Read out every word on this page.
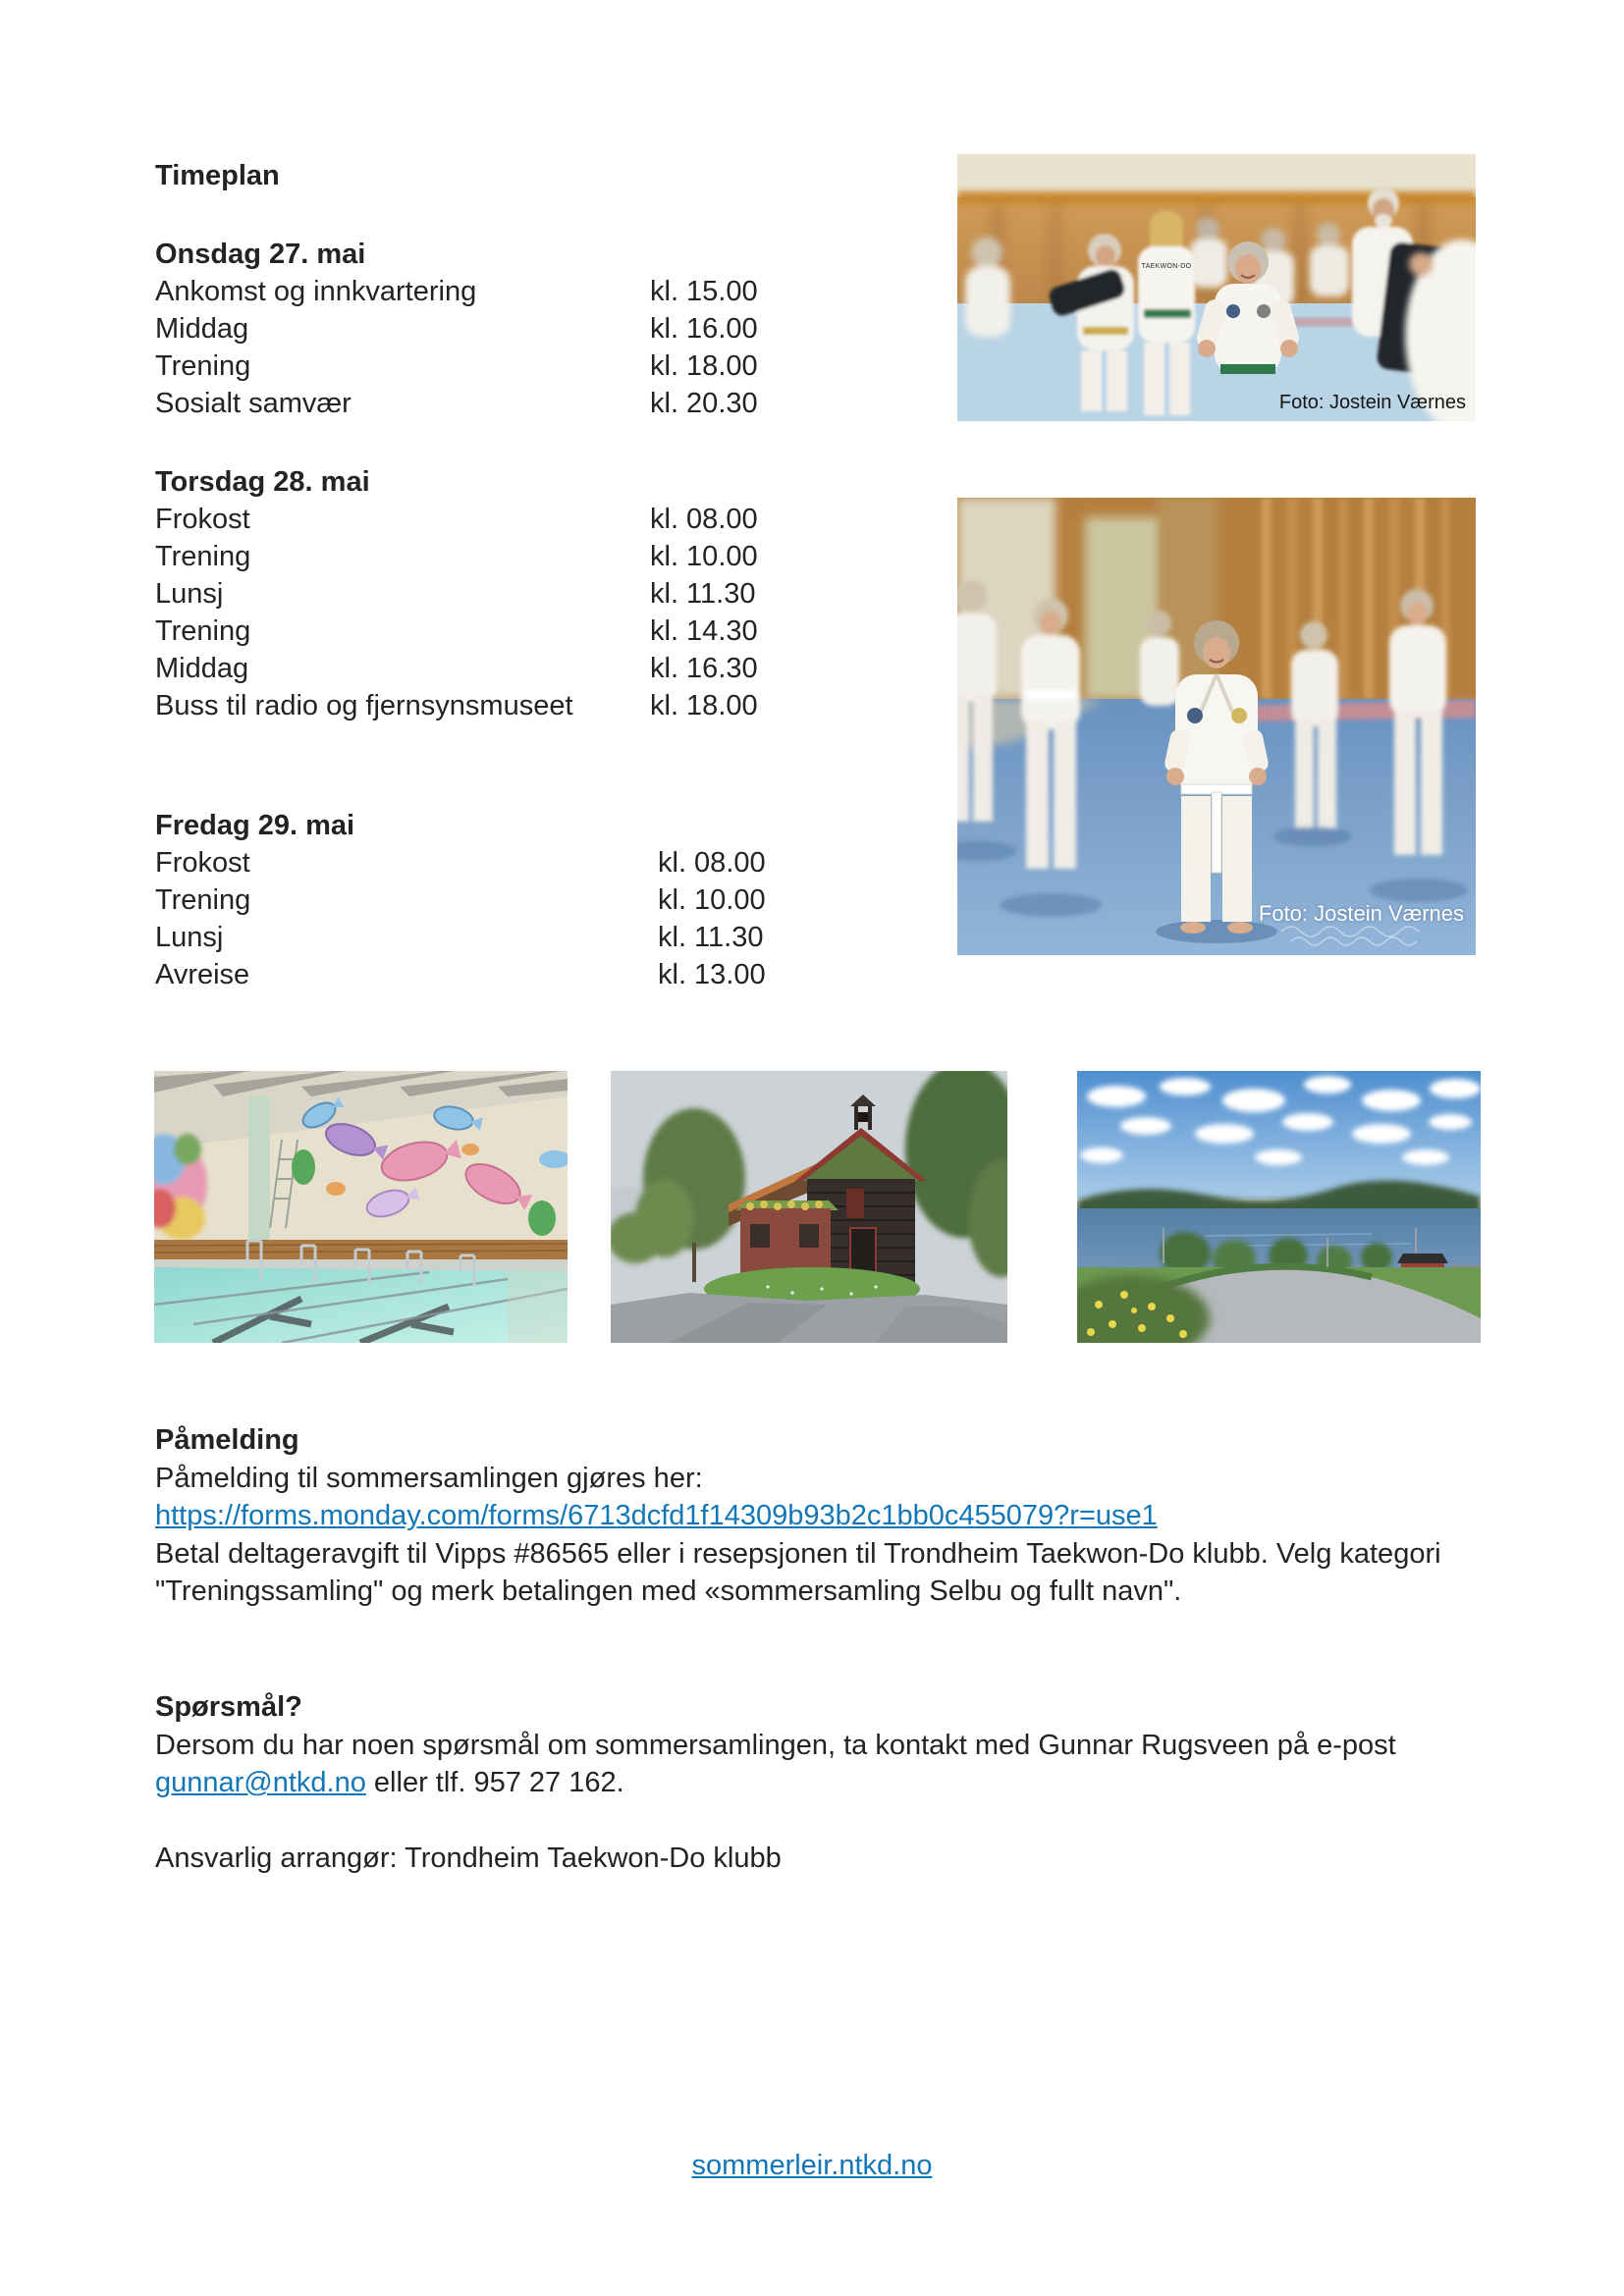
Timeplan
Onsdag 27. mai
Ankomst og innkvartering	kl. 15.00
Middag	kl. 16.00
Trening	kl. 18.00
Sosialt samvær	kl. 20.30
Torsdag 28. mai
Frokost	kl. 08.00
Trening	kl. 10.00
Lunsj	kl. 11.30
Trening	kl. 14.30
Middag	kl. 16.30
Buss til radio og fjernsynsmuseet	kl. 18.00
Fredag 29. mai
Frokost	kl. 08.00
Trening	kl. 10.00
Lunsj	kl. 11.30
Avreise	kl. 13.00
TAEKWON-DO
Foto: Jostein Værnes
Foto: Jostein Værnes
Påmelding
Påmelding til sommersamlingen gjøres her:
https://forms.monday.com/forms/6713dcfd1f14309b93b2c1bb0c455079?r=use1

Betal deltageravgift til Vipps #86565 eller i resepsjonen til Trondheim Taekwon-Do klubb. Velg kategori "Treningssamling" og merk betalingen med «sommersamling Selbu og fullt navn".

Spørsmål?

Dersom du har noen spørsmål om sommersamlingen, ta kontakt med Gunnar Rugsveen på e-post gunnar@ntkd.no eller tlf. 957 27 162.

Ansvarlig arrangør: Trondheim Taekwon-Do klubb
sommerleir.ntkd.no
